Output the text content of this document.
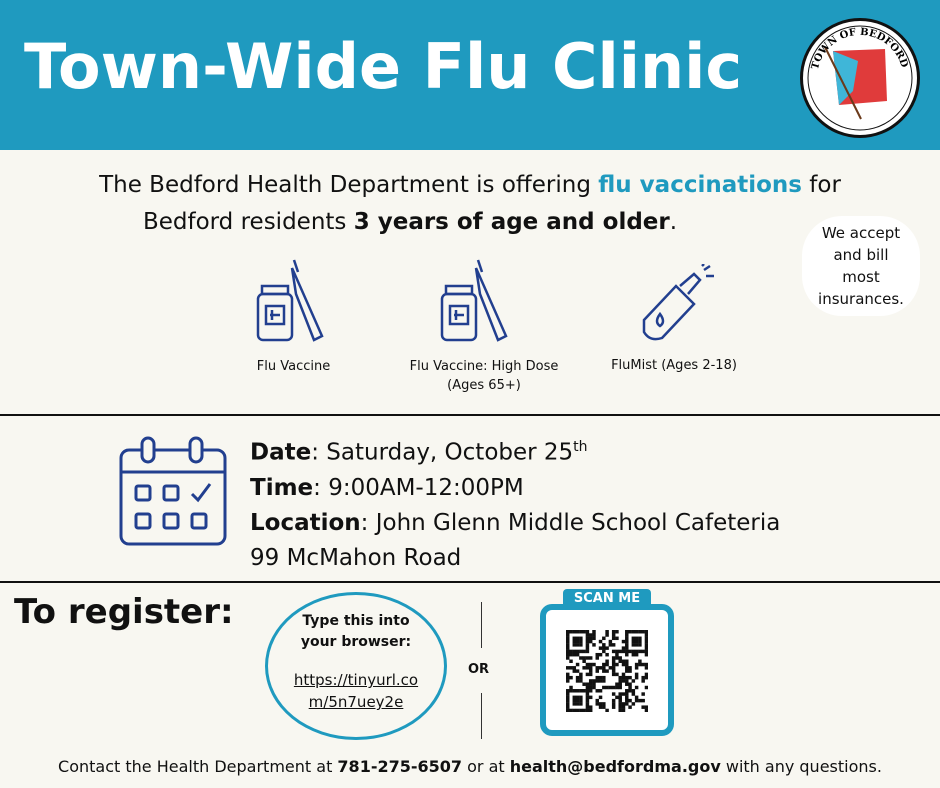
Town-Wide Flu Clinic	TOWN OF BEDFORD
The Bedford Health Department is offering flu vaccinations for
Bedford residents 3 years of age and older.	We accept
and bill
most
insurances.
Flu Vaccine	Flu Vaccine: High Dose
(Ages 65+)
FluMist (Ages 2-18)
Date: Saturday, October 25th
Time: 9:00AM-12:00PM
Location: John Glenn Middle School Cafeteria
99 McMahon Road
To register:	Type this into
your browser:
https://tinyurl.co
m/5n7uey2e
OR
SCAN ME
Contact the Health Department at 781-275-6507 or at health@bedfordma.gov with any questions.
